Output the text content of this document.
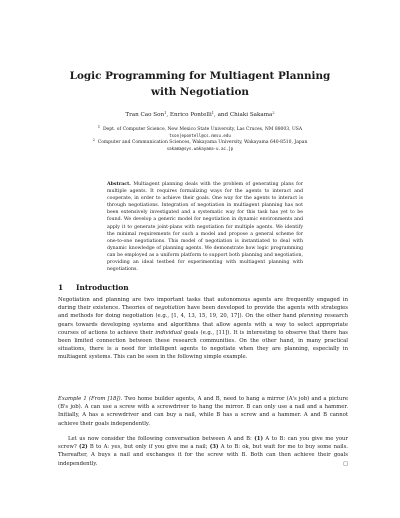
Logic Programming for Multiagent Planning with Negotiation
Tran Cao Son$^1$, Enrico Pontelli$^1$, and Chiaki Sakama$^2$
$^1$ Dept. of Computer Science, New Mexico State University, Las Cruces, NM 88003, USA
tson|epontell@cs.nmsu.edu
$^2$ Computer and Communication Sciences, Wakayama University, Wakayama 640-8510, Japan
sakama@sys.wakayama-u.ac.jp
Abstract. Multiagent planning deals with the problem of generating plans for multiple agents. It requires formalizing ways for the agents to interact and cooperate, in order to achieve their goals. One way for the agents to interact is through negotiations. Integration of negotiation in multiagent planning has not been extensively investigated and a systematic way for this task has yet to be found. We develop a generic model for negotiation in dynamic environments and apply it to generate joint-plans with negotiation for multiple agents. We identify the minimal requirements for such a model and propose a general scheme for one-to-one negotiations. This model of negotiation is instantiated to deal with dynamic knowledge of planning agents. We demonstrate how logic programming can be employed as a uniform platform to support both planning and negotiation, providing an ideal testbed for experimenting with multiagent planning with negotiations.
1 Introduction
Negotiation and planning are two important tasks that autonomous agents are frequently engaged in during their existence. Theories of negotiation have been developed to provide the agents with strategies and methods for doing negotiation (e.g., [1, 4, 13, 15, 19, 20, 17]). On the other hand planning research gears towards developing systems and algorithms that allow agents with a way to select appropriate courses of actions to achieve their individual goals (e.g., [11]). It is interesting to observe that there has been limited connection between these research communities. On the other hand, in many practical situations, there is a need for intelligent agents to negotiate when they are planning, especially in multiagent systems. This can be seen in the following simple example.
Example 1 (From [18]). Two home builder agents, A and B, need to hang a mirror (A's job) and a picture (B's job). A can use a screw with a screwdriver to hang the mirror. B can only use a nail and a hammer. Initially, A has a screwdriver and can buy a nail, while B has a screw and a hammer. A and B cannot achieve their goals independently.
Let us now consider the following conversation between A and B: (1) A to B: can you give me your screw? (2) B to A: yes, but only if you give me a nail; (3) A to B: ok, but wait for me to buy some nails. Thereafter, A buys a nail and exchanges it for the screw with B. Both can then achieve their goals independently.	□
